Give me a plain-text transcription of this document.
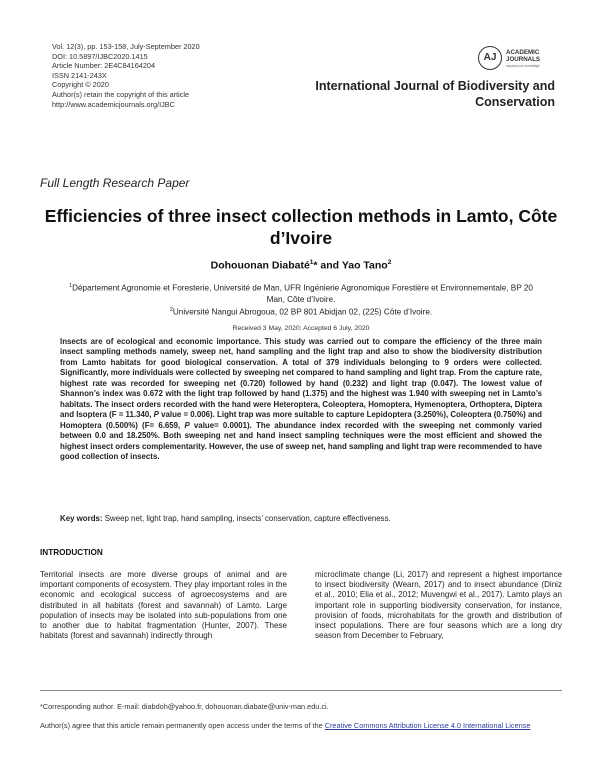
Vol. 12(3), pp. 153-158, July-September 2020
DOI: 10.5897/IJBC2020.1415
Article Number: 2E4C84164204
ISSN 2141-243X
Copyright © 2020
Author(s) retain the copyright of this article
http://www.academicjournals.org/IJBC
AJ	ACADEMIC
JOURNALS
expand your knowledge
International Journal of Biodiversity and Conservation
Full Length Research Paper
Efficiencies of three insect collection methods in Lamto, Côte d’Ivoire
Dohouonan Diabaté$^1$* and Yao Tano$^2$
$^1$Département Agronomie et Foresterie, Université de Man, UFR Ingénierie Agronomique Forestière et Environnementale, BP 20 Man, Côte d’Ivoire.
$^2$Université Nangui Abrogoua, 02 BP 801 Abidjan 02, (225) Côte d’Ivoire.
Received 3 May, 2020; Accepted 6 July, 2020
Insects are of ecological and economic importance. This study was carried out to compare the efficiency of the three main insect sampling methods namely, sweep net, hand sampling and the light trap and also to show the biodiversity distribution from Lamto habitats for good biological conservation. A total of 379 individuals belonging to 9 orders were collected. Significantly, more individuals were collected by sweeping net compared to hand sampling and light trap. From the capture rate, highest rate was recorded for sweeping net (0.720) followed by hand (0.232) and light trap (0.047). The lowest value of Shannon’s index was 0.672 with the light trap followed by hand (1.375) and the highest was 1.940 with sweeping net in Lamto’s habitats. The insect orders recorded with the hand were Heteroptera, Coleoptera, Homoptera, Hymenoptera, Orthoptera, Diptera and Isoptera (F = 11.340, P value = 0.006). Light trap was more suitable to capture Lepidoptera (3.250%), Coleoptera (0.750%) and Homoptera (0.500%) (F= 6.659, P value= 0.0001). The abundance index recorded with the sweeping net commonly varied between 0.0 and 18.250%. Both sweeping net and hand insect sampling techniques were the most efficient and showed the highest insect orders complementarity. However, the use of sweep net, hand sampling and light trap were recommended to have good collection of insects.
Key words: Sweep net, light trap, hand sampling, insects’ conservation, capture effectiveness.
INTRODUCTION
Territorial insects are more diverse groups of animal and are important components of ecosystem. They play important roles in the economic and ecological success of agroecosystems and are distributed in all habitats (forest and savannah) of Lamto. Large population of insects may be isolated into sub-populations from one to another due to habitat fragmentation (Hunter, 2007). These habitats (forest and savannah) indirectly through
microclimate change (Li, 2017) and represent a highest importance to insect biodiversity (Wearn, 2017) and to insect abundance (Diniz et al., 2010; Elia et al., 2012; Muvengwi et al., 2017). Lamto plays an important role in supporting biodiversity conservation, for instance, provision of foods, microhabitats for the growth and distribution of insect populations. There are four seasons which are a long dry season from December to February,
*Corresponding author. E-mail: diabdoh@yahoo.fr, dohouonan.diabate@univ-man.edu.ci.
Author(s) agree that this article remain permanently open access under the terms of the Creative Commons Attribution License 4.0 International License
